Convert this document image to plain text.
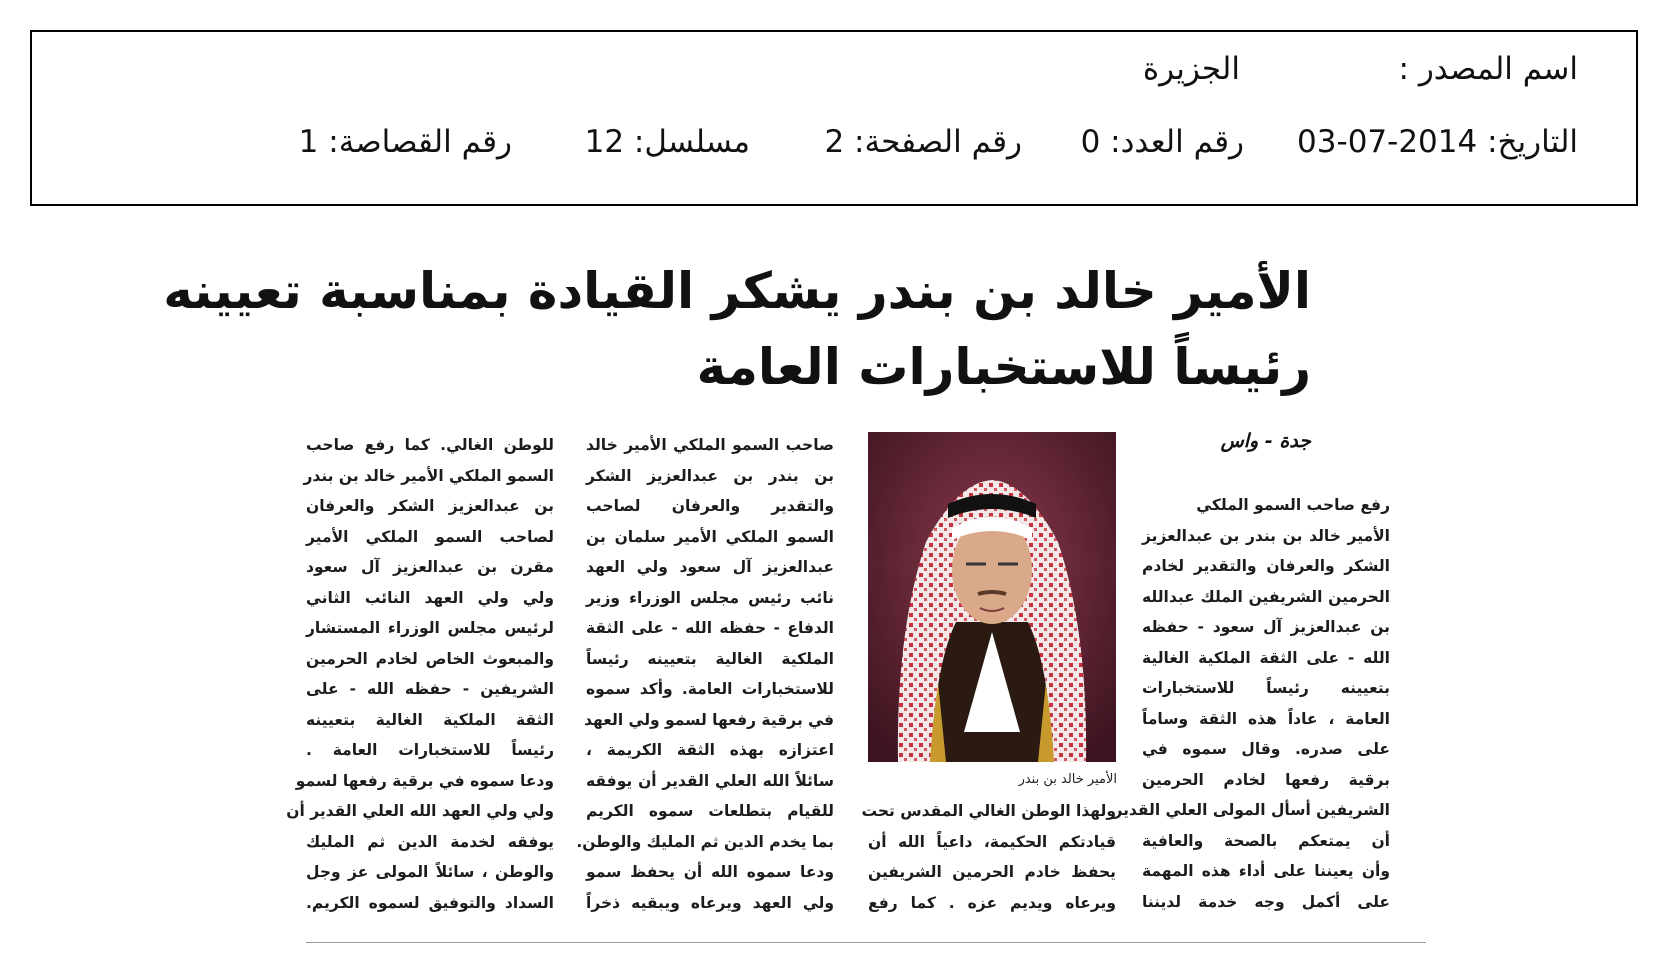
اسم المصدر :
الجزيرة
التاريخ: 2014-07-03
رقم العدد: 0
رقم الصفحة: 2
مسلسل: 12
رقم القصاصة: 1
الأمير خالد بن بندر يشكر القيادة بمناسبة تعيينه
رئيساً للاستخبارات العامة
جدة - واس
رفع صاحب السمو الملكي
الأمير خالد بن بندر بن عبدالعزيز
الشكر والعرفان والتقدير لخادم
الحرمين الشريفين الملك عبدالله
بن عبدالعزيز آل سعود - حفظه
الله - على الثقة الملكية الغالية
بتعيينه رئيساً للاستخبارات
العامة ، عاداً هذه الثقة وساماً
على صدره. وقال سموه في
برقية رفعها لخادم الحرمين
الشريفين أسأل المولى العلي القدير
أن يمتعكم بالصحة والعافية
وأن يعيننا على أداء هذه المهمة
على أكمل وجه خدمة لديننا
الأمير خالد بن بندر
ولهذا الوطن الغالي المقدس تحت
قيادتكم الحكيمة، داعياً الله أن
يحفظ خادم الحرمين الشريفين
ويرعاه ويديم عزه . كما رفع
صاحب السمو الملكي الأمير خالد
بن بندر بن عبدالعزيز الشكر
والتقدير والعرفان لصاحب
السمو الملكي الأمير سلمان بن
عبدالعزيز آل سعود ولي العهد
نائب رئيس مجلس الوزراء وزير
الدفاع - حفظه الله - على الثقة
الملكية الغالية بتعيينه رئيساً
للاستخبارات العامة. وأكد سموه
في برقية رفعها لسمو ولي العهد
اعتزازه بهذه الثقة الكريمة ،
سائلاً الله العلي القدير أن يوفقه
للقيام بتطلعات سموه الكريم
بما يخدم الدين ثم المليك والوطن.
ودعا سموه الله أن يحفظ سمو
ولي العهد ويرعاه ويبقيه ذخراً
للوطن الغالي. كما رفع صاحب
السمو الملكي الأمير خالد بن بندر
بن عبدالعزيز الشكر والعرفان
لصاحب السمو الملكي الأمير
مقرن بن عبدالعزيز آل سعود
ولي ولي العهد النائب الثاني
لرئيس مجلس الوزراء المستشار
والمبعوث الخاص لخادم الحرمين
الشريفين - حفظه الله - على
الثقة الملكية الغالية بتعيينه
رئيساً للاستخبارات العامة .
ودعا سموه في برقية رفعها لسمو
ولي ولي العهد الله العلي القدير أن
يوفقه لخدمة الدين ثم المليك
والوطن ، سائلاً المولى عز وجل
السداد والتوفيق لسموه الكريم.
